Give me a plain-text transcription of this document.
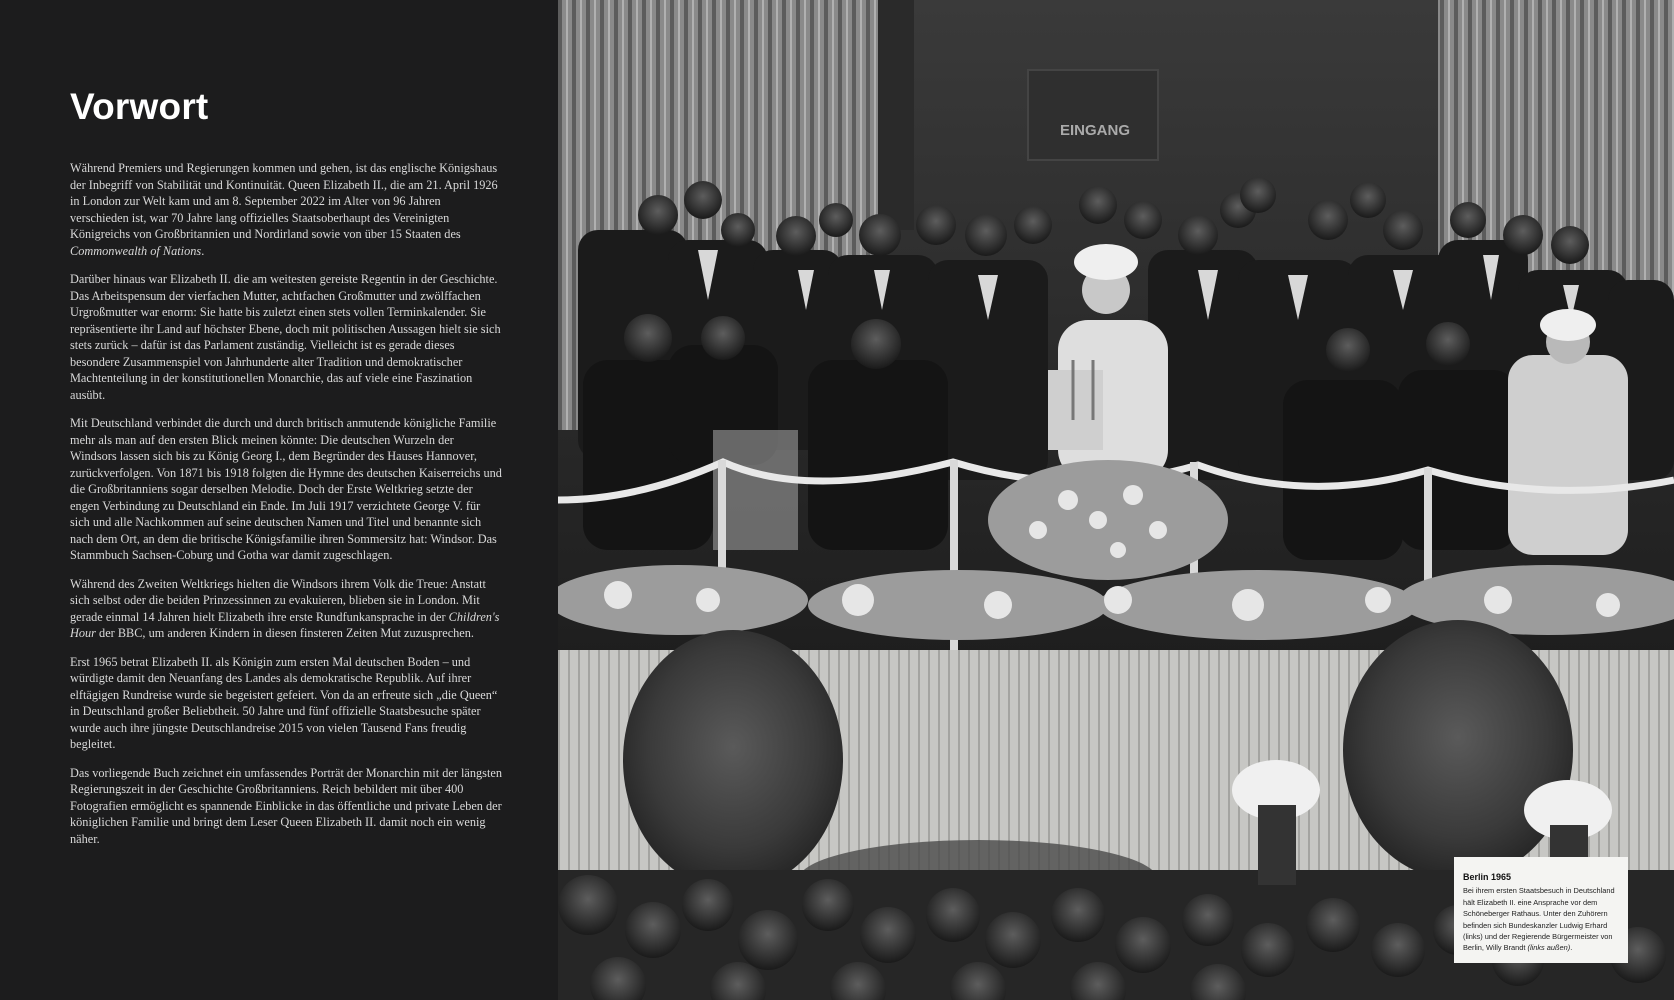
Vorwort

Während Premiers und Regierungen kommen und gehen, ist das englische Königshaus der Inbegriff von Stabilität und Kontinuität. Queen Elizabeth II., die am 21. April 1926 in London zur Welt kam und am 8. September 2022 im Alter von 96 Jahren verschieden ist, war 70 Jahre lang offizielles Staatsoberhaupt des Vereinigten Königreichs von Großbritannien und Nordirland sowie von über 15 Staaten des Commonwealth of Nations.

Darüber hinaus war Elizabeth II. die am weitesten gereiste Regentin in der Geschichte. Das Arbeitspensum der vierfachen Mutter, achtfachen Großmutter und zwölffachen Urgroßmutter war enorm: Sie hatte bis zuletzt einen stets vollen Terminkalender. Sie repräsentierte ihr Land auf höchster Ebene, doch mit politischen Aussagen hielt sie sich stets zurück – dafür ist das Parlament zuständig. Vielleicht ist es gerade dieses besondere Zusammenspiel von Jahrhunderte alter Tradition und demokratischer Machtenteilung in der konstitutionellen Monarchie, das auf viele eine Faszination ausübt.

Mit Deutschland verbindet die durch und durch britisch anmutende königliche Familie mehr als man auf den ersten Blick meinen könnte: Die deutschen Wurzeln der Windsors lassen sich bis zu König Georg I., dem Begründer des Hauses Hannover, zurückverfolgen. Von 1871 bis 1918 folgten die Hymne des deutschen Kaiserreichs und die Großbritanniens sogar derselben Melodie. Doch der Erste Weltkrieg setzte der engen Verbindung zu Deutschland ein Ende. Im Juli 1917 verzichtete George V. für sich und alle Nachkommen auf seine deutschen Namen und Titel und benannte sich nach dem Ort, an dem die britische Königsfamilie ihren Sommersitz hat: Windsor. Das Stammbuch Sachsen-Coburg und Gotha war damit zugeschlagen.

Während des Zweiten Weltkriegs hielten die Windsors ihrem Volk die Treue: Anstatt sich selbst oder die beiden Prinzessinnen zu evakuieren, blieben sie in London. Mit gerade einmal 14 Jahren hielt Elizabeth ihre erste Rundfunkansprache in der Children's Hour der BBC, um anderen Kindern in diesen finsteren Zeiten Mut zuzusprechen.

Erst 1965 betrat Elizabeth II. als Königin zum ersten Mal deutschen Boden – und würdigte damit den Neuanfang des Landes als demokratische Republik. Auf ihrer elftägigen Rundreise wurde sie begeistert gefeiert. Von da an erfreute sich „die Queen“ in Deutschland großer Beliebtheit. 50 Jahre und fünf offizielle Staatsbesuche später wurde auch ihre jüngste Deutschlandreise 2015 von vielen Tausend Fans freudig begleitet.

Das vorliegende Buch zeichnet ein umfassendes Porträt der Monarchin mit der längsten Regierungszeit in der Geschichte Großbritanniens. Reich bebildert mit über 400 Fotografien ermöglicht es spannende Einblicke in das öffentliche und private Leben der königlichen Familie und bringt dem Leser Queen Elizabeth II. damit noch ein wenig näher.

EINGANG
Berlin 1965
Bei ihrem ersten Staatsbesuch in Deutschland hält Elizabeth II. eine Ansprache vor dem Schöneberger Rathaus. Unter den Zuhörern befinden sich Bundeskanzler Ludwig Erhard (links) und der Regierende Bürgermeister von Berlin, Willy Brandt (links außen).
